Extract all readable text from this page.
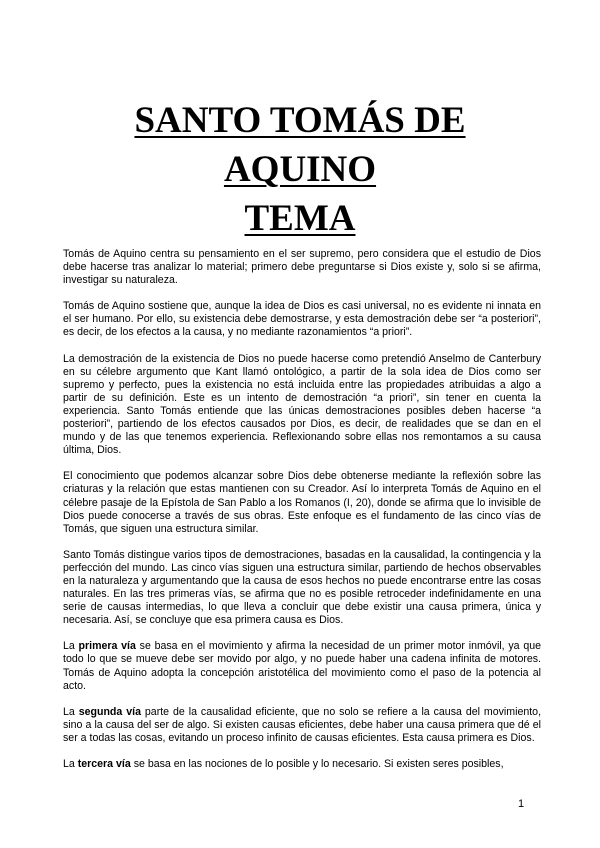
SANTO TOMÁS DE
AQUINO
TEMA

Tomás de Aquino centra su pensamiento en el ser supremo, pero considera que el estudio de Dios debe hacerse tras analizar lo material; primero debe preguntarse si Dios existe y, solo si se afirma, investigar su naturaleza.

Tomás de Aquino sostiene que, aunque la idea de Dios es casi universal, no es evidente ni innata en el ser humano. Por ello, su existencia debe demostrarse, y esta demostración debe ser “a posteriori”, es decir, de los efectos a la causa, y no mediante razonamientos “a priori”.

La demostración de la existencia de Dios no puede hacerse como pretendió Anselmo de Canterbury en su célebre argumento que Kant llamó ontológico, a partir de la sola idea de Dios como ser supremo y perfecto, pues la existencia no está incluida entre las propiedades atribuidas a algo a partir de su definición. Este es un intento de demostración “a priori”, sin tener en cuenta la experiencia. Santo Tomás entiende que las únicas demostraciones posibles deben hacerse “a posteriori”, partiendo de los efectos causados por Dios, es decir, de realidades que se dan en el mundo y de las que tenemos experiencia. Reflexionando sobre ellas nos remontamos a su causa última, Dios.

El conocimiento que podemos alcanzar sobre Dios debe obtenerse mediante la reflexión sobre las criaturas y la relación que estas mantienen con su Creador. Así lo interpreta Tomás de Aquino en el célebre pasaje de la Epístola de San Pablo a los Romanos (I, 20), donde se afirma que lo invisible de Dios puede conocerse a través de sus obras. Este enfoque es el fundamento de las cinco vías de Tomás, que siguen una estructura similar.

Santo Tomás distingue varios tipos de demostraciones, basadas en la causalidad, la contingencia y la perfección del mundo. Las cinco vías siguen una estructura similar, partiendo de hechos observables en la naturaleza y argumentando que la causa de esos hechos no puede encontrarse entre las cosas naturales. En las tres primeras vías, se afirma que no es posible retroceder indefinidamente en una serie de causas intermedias, lo que lleva a concluir que debe existir una causa primera, única y necesaria. Así, se concluye que esa primera causa es Dios.

La primera vía se basa en el movimiento y afirma la necesidad de un primer motor inmóvil, ya que todo lo que se mueve debe ser movido por algo, y no puede haber una cadena infinita de motores. Tomás de Aquino adopta la concepción aristotélica del movimiento como el paso de la potencia al acto.

La segunda vía parte de la causalidad eficiente, que no solo se refiere a la causa del movimiento, sino a la causa del ser de algo. Si existen causas eficientes, debe haber una causa primera que dé el ser a todas las cosas, evitando un proceso infinito de causas eficientes. Esta causa primera es Dios.

La tercera vía se basa en las nociones de lo posible y lo necesario. Si existen seres posibles,

1
